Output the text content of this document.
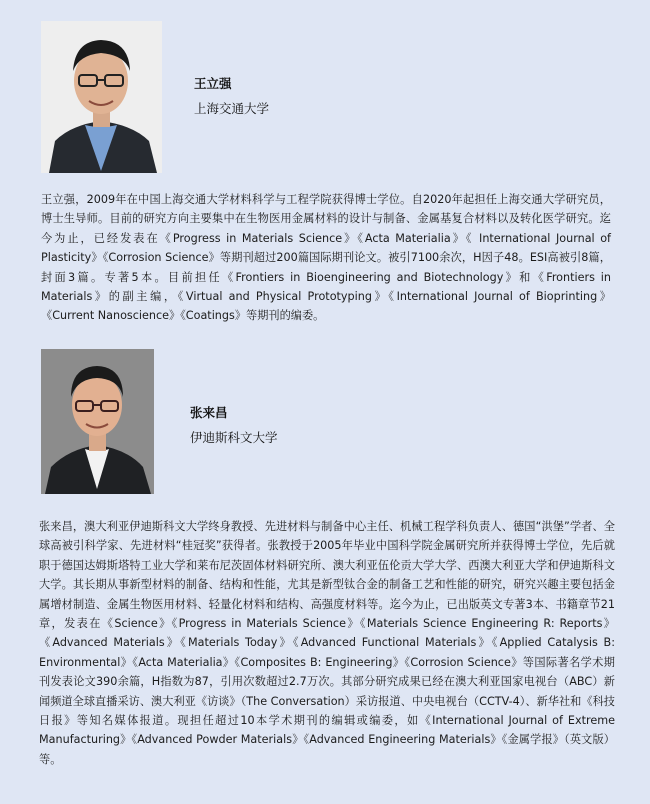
王立强
上海交通大学

王立强，2009年在中国上海交通大学材料科学与工程学院获得博士学位。自2020年起担任上海交通大学研究员，博士生导师。目前的研究方向主要集中在生物医用金属材料的设计与制备、金属基复合材料以及转化医学研究。迄今为止，已经发表在《Progress in Materials Science》《Acta Materialia》《 International Journal of Plasticity》《Corrosion Science》等期刊超过200篇国际期刊论文。被引7100余次，H因子48。ESI高被引8篇，封面3篇。专著5本。目前担任《Frontiers in Bioengineering and Biotechnology》和《Frontiers in Materials》的副主编，《Virtual and Physical Prototyping》《International Journal of Bioprinting》《Current Nanoscience》《Coatings》等期刊的编委。

张来昌
伊迪斯科文大学

张来昌，澳大利亚伊迪斯科文大学终身教授、先进材料与制备中心主任、机械工程学科负责人、德国“洪堡”学者、全球高被引科学家、先进材料“桂冠奖”获得者。张教授于2005年毕业中国科学院金属研究所并获得博士学位，先后就职于德国达姆斯塔特工业大学和莱布尼茨固体材料研究所、澳大利亚伍伦贡大学大学、西澳大利亚大学和伊迪斯科文大学。其长期从事新型材料的制备、结构和性能，尤其是新型钛合金的制备工艺和性能的研究，研究兴趣主要包括金属增材制造、金属生物医用材料、轻量化材料和结构、高强度材料等。迄今为止，已出版英文专著3本、书籍章节21章，发表在《Science》《Progress in Materials Science》《Materials Science Engineering R: Reports》《Advanced Materials》《Materials Today》《Advanced Functional Materials》《Applied Catalysis B: Environmental》《Acta Materialia》《Composites B: Engineering》《Corrosion Science》等国际著名学术期刊发表论文390余篇，H指数为87，引用次数超过2.7万次。其部分研究成果已经在澳大利亚国家电视台（ABC）新闻频道全球直播采访、澳大利亚《访谈》（The Conversation）采访报道、中央电视台（CCTV-4）、新华社和《科技日报》等知名媒体报道。现担任超过10本学术期刊的编辑或编委，如《International Journal of Extreme Manufacturing》《Advanced Powder Materials》《Advanced Engineering Materials》《金属学报》（英文版）等。
